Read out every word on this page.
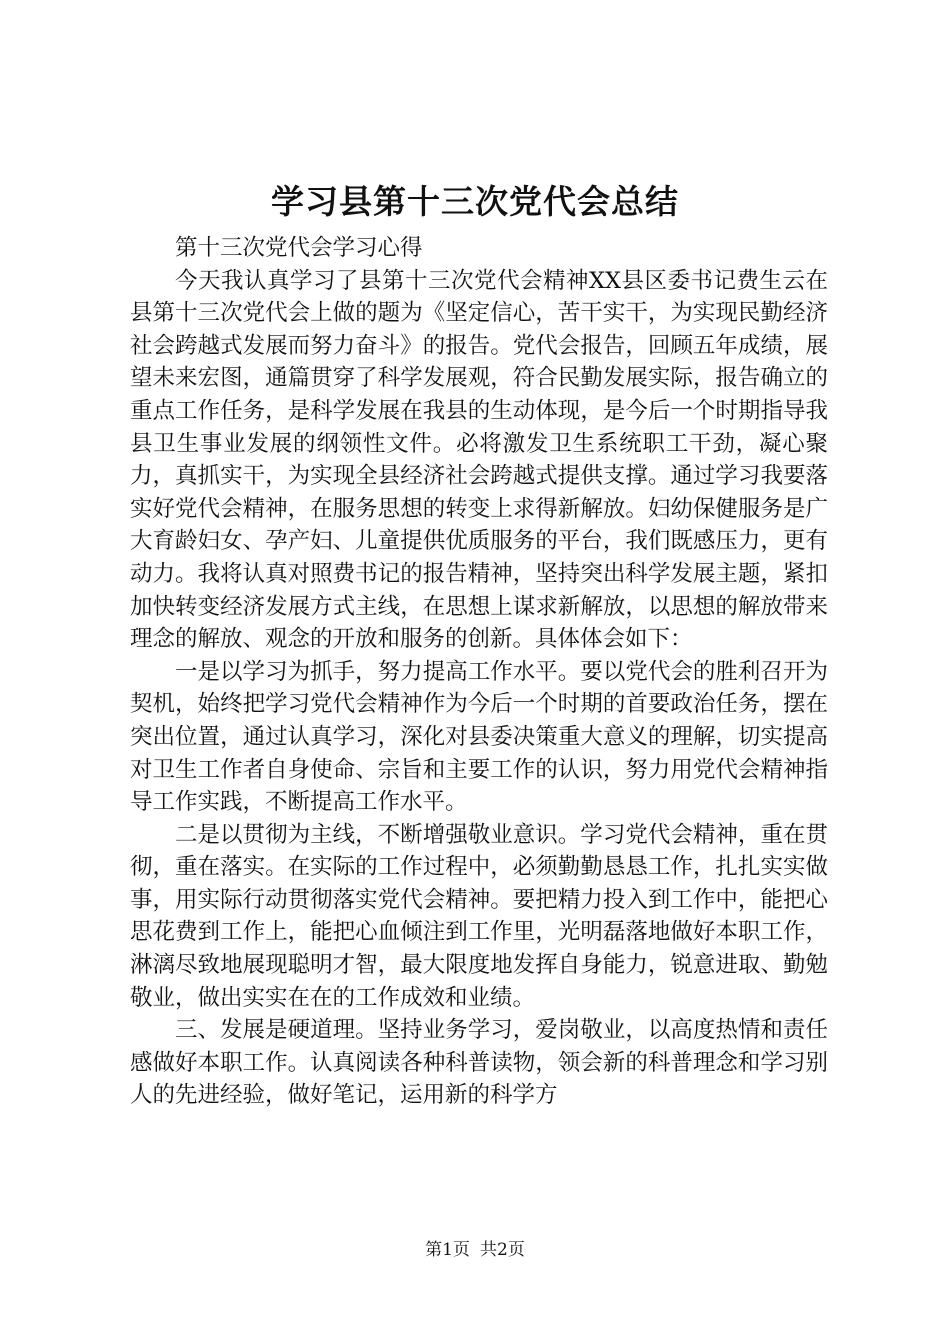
学习县第十三次党代会总结

第十三次党代会学习心得

今天我认真学习了县第十三次党代会精神XX县区委书记费生云在县第十三次党代会上做的题为《坚定信心，苦干实干，为实现民勤经济社会跨越式发展而努力奋斗》的报告。党代会报告，回顾五年成绩，展望未来宏图，通篇贯穿了科学发展观，符合民勤发展实际，报告确立的重点工作任务，是科学发展在我县的生动体现，是今后一个时期指导我县卫生事业发展的纲领性文件。必将激发卫生系统职工干劲，凝心聚力，真抓实干，为实现全县经济社会跨越式提供支撑。通过学习我要落实好党代会精神，在服务思想的转变上求得新解放。妇幼保健服务是广大育龄妇女、孕产妇、儿童提供优质服务的平台，我们既感压力，更有动力。我将认真对照费书记的报告精神，坚持突出科学发展主题，紧扣加快转变经济发展方式主线，在思想上谋求新解放，以思想的解放带来理念的解放、观念的开放和服务的创新。具体体会如下：

一是以学习为抓手，努力提高工作水平。要以党代会的胜利召开为契机，始终把学习党代会精神作为今后一个时期的首要政治任务，摆在突出位置，通过认真学习，深化对县委决策重大意义的理解，切实提高对卫生工作者自身使命、宗旨和主要工作的认识，努力用党代会精神指导工作实践，不断提高工作水平。

二是以贯彻为主线，不断增强敬业意识。学习党代会精神，重在贯彻，重在落实。在实际的工作过程中，必须勤勤恳恳工作，扎扎实实做事，用实际行动贯彻落实党代会精神。要把精力投入到工作中，能把心思花费到工作上，能把心血倾注到工作里，光明磊落地做好本职工作，淋漓尽致地展现聪明才智，最大限度地发挥自身能力，锐意进取、勤勉敬业，做出实实在在的工作成效和业绩。

三、发展是硬道理。坚持业务学习，爱岗敬业，以高度热情和责任感做好本职工作。认真阅读各种科普读物，领会新的科普理念和学习别人的先进经验，做好笔记，运用新的科学方

第1页 共2页
